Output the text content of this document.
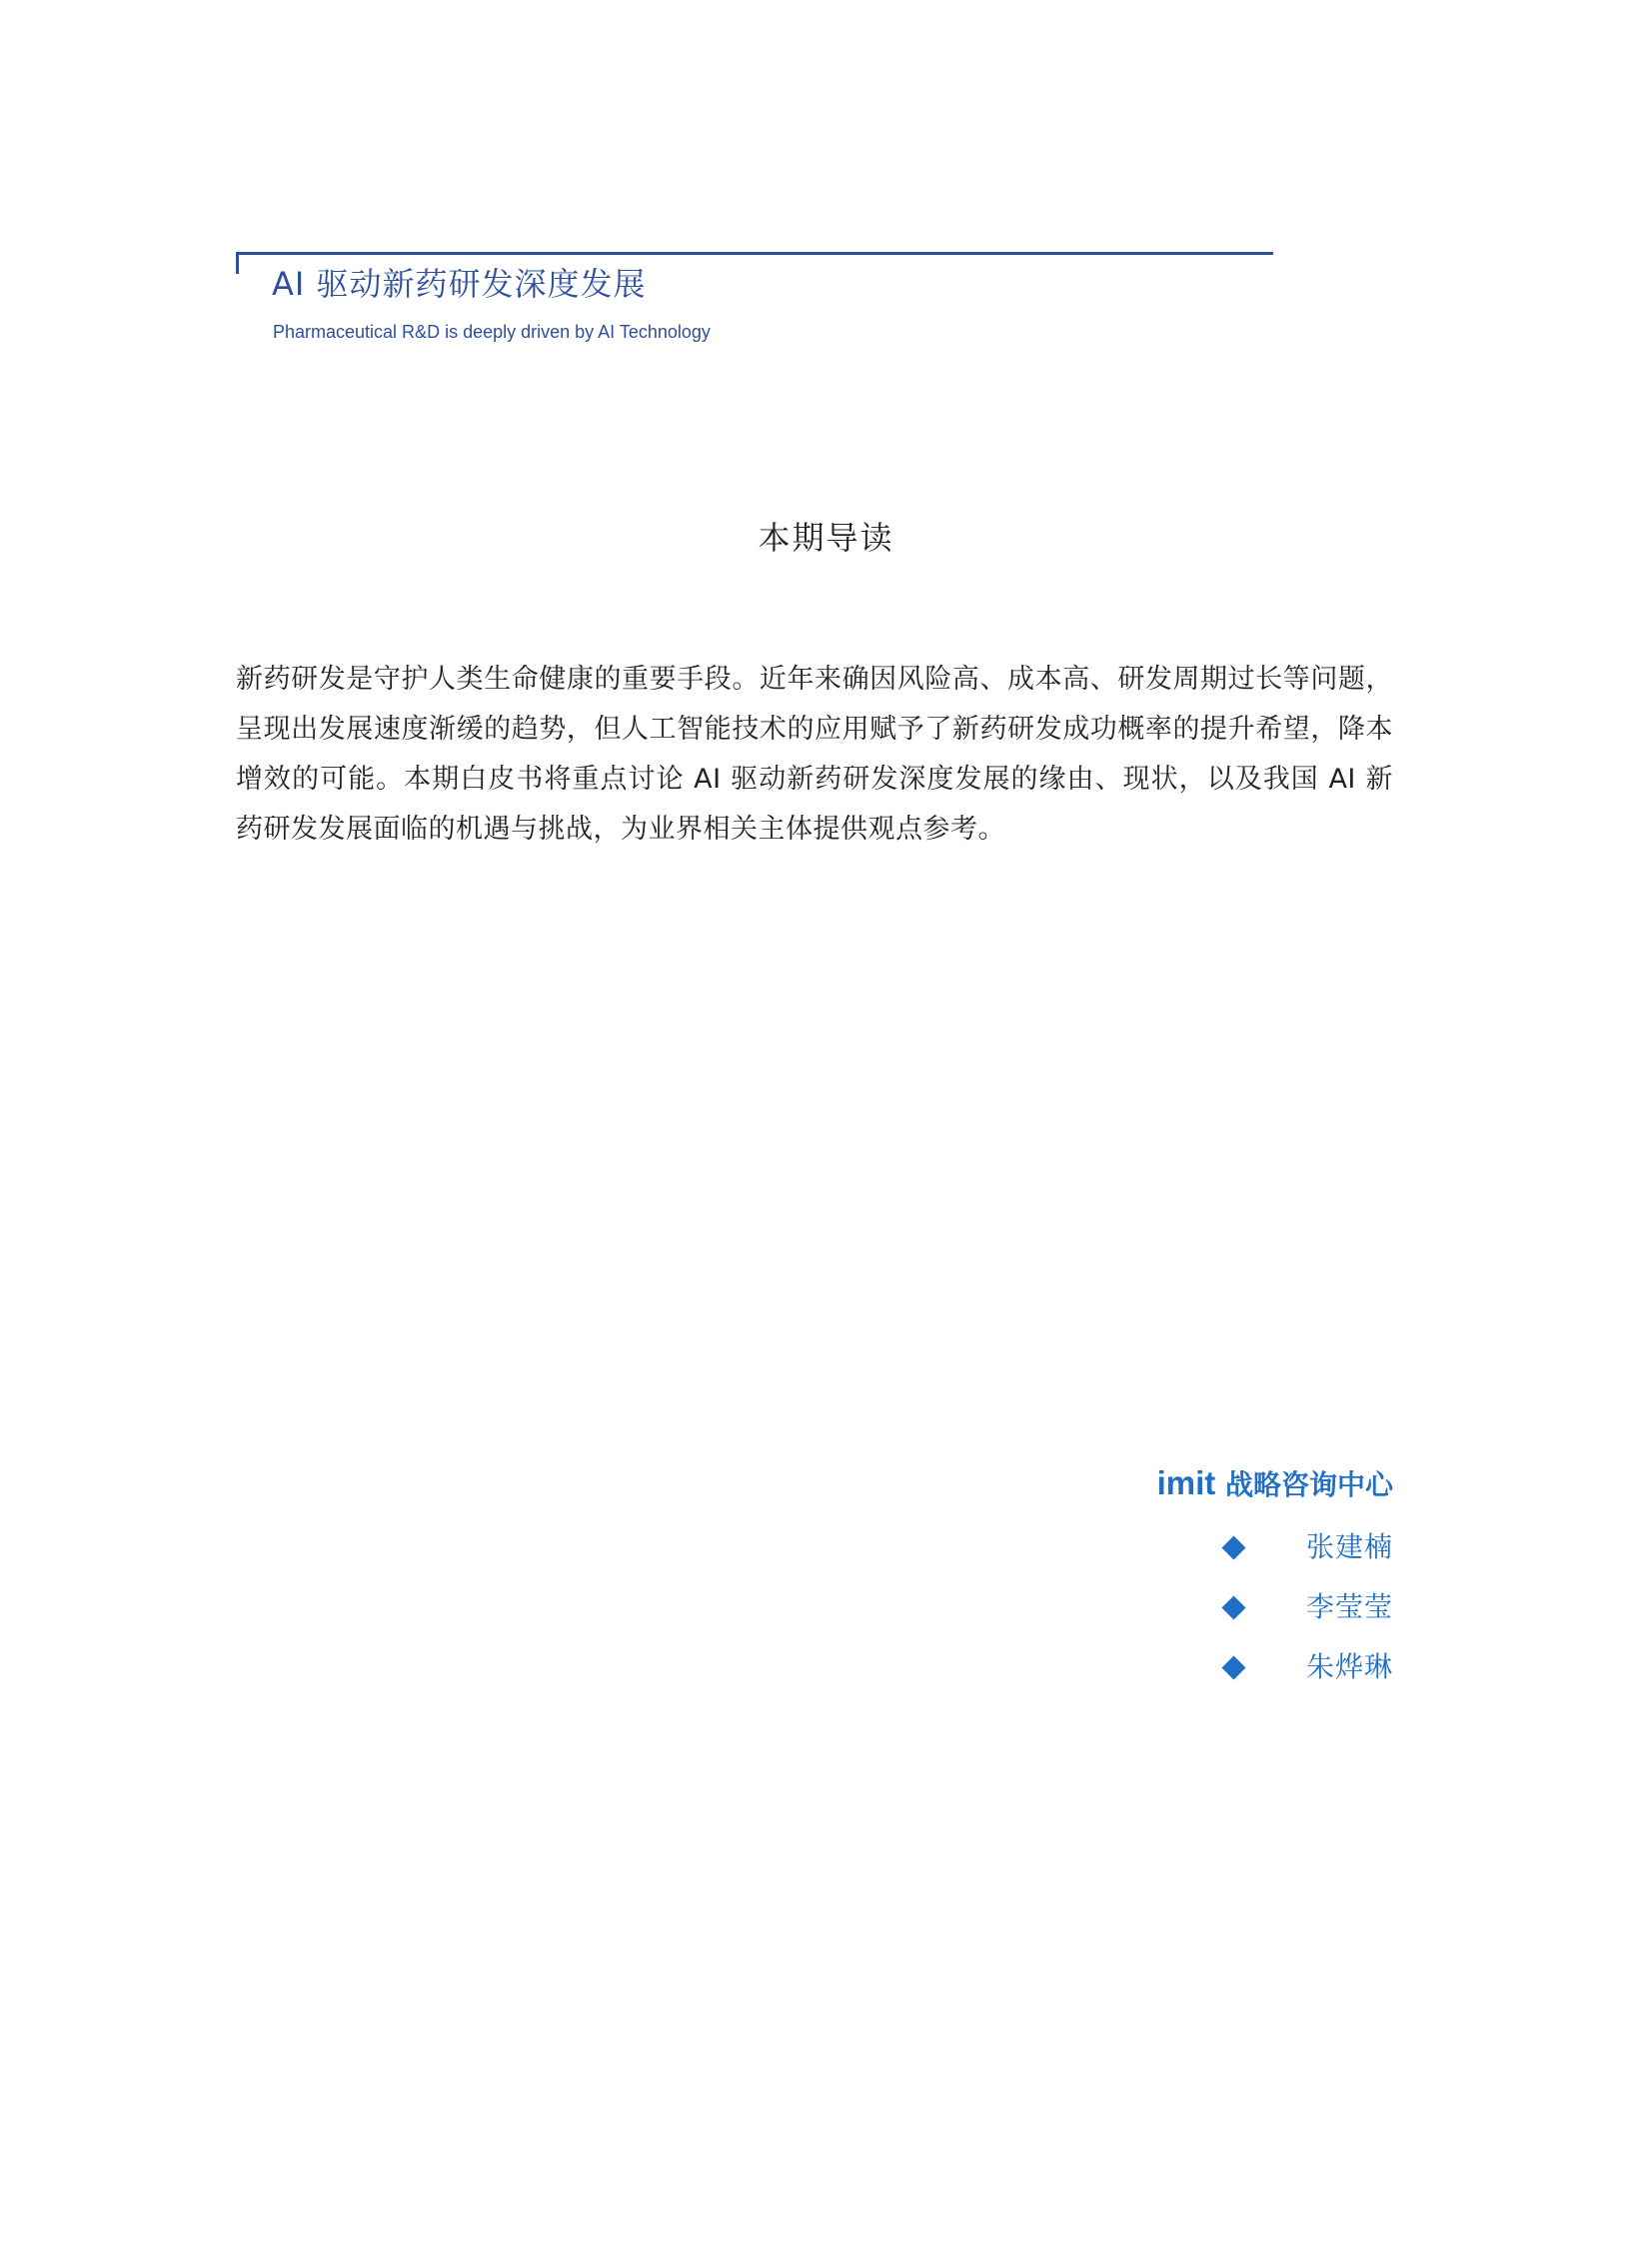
AI 驱动新药研发深度发展
Pharmaceutical R&D is deeply driven by AI Technology
本期导读

新药研发是守护人类生命健康的重要手段。近年来确因风险高、成本高、研发周期过长等问题，呈现出发展速度渐缓的趋势，但人工智能技术的应用赋予了新药研发成功概率的提升希望，降本增效的可能。本期白皮书将重点讨论 AI 驱动新药研发深度发展的缘由、现状，以及我国 AI 新药研发发展面临的机遇与挑战，为业界相关主体提供观点参考。

imit 战略咨询中心
张建楠
李莹莹
朱烨琳
